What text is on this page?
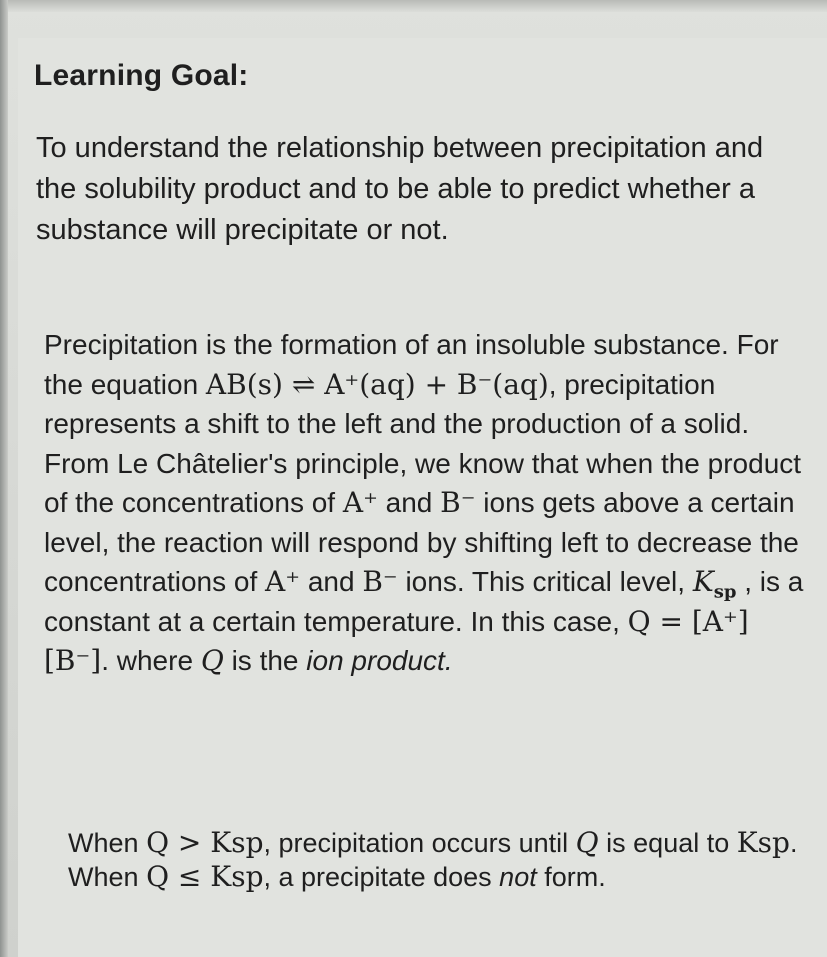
Learning Goal:

To understand the relationship between precipitation and the solubility product and to be able to predict whether a substance will precipitate or not.

Precipitation is the formation of an insoluble substance. For the equation AB(s) ⇌ A⁺(aq) + B⁻(aq), precipitation represents a shift to the left and the production of a solid. From Le Châtelier's principle, we know that when the product of the concentrations of A⁺ and B⁻ ions gets above a certain level, the reaction will respond by shifting left to decrease the concentrations of A⁺ and B⁻ ions. This critical level, $K_{sp}$ , is a constant at a certain temperature. In this case, Q = [A⁺][B⁻]. where Q is the ion product.

When Q > Ksp, precipitation occurs until Q is equal to Ksp.
When Q ≤ Ksp, a precipitate does not form.
